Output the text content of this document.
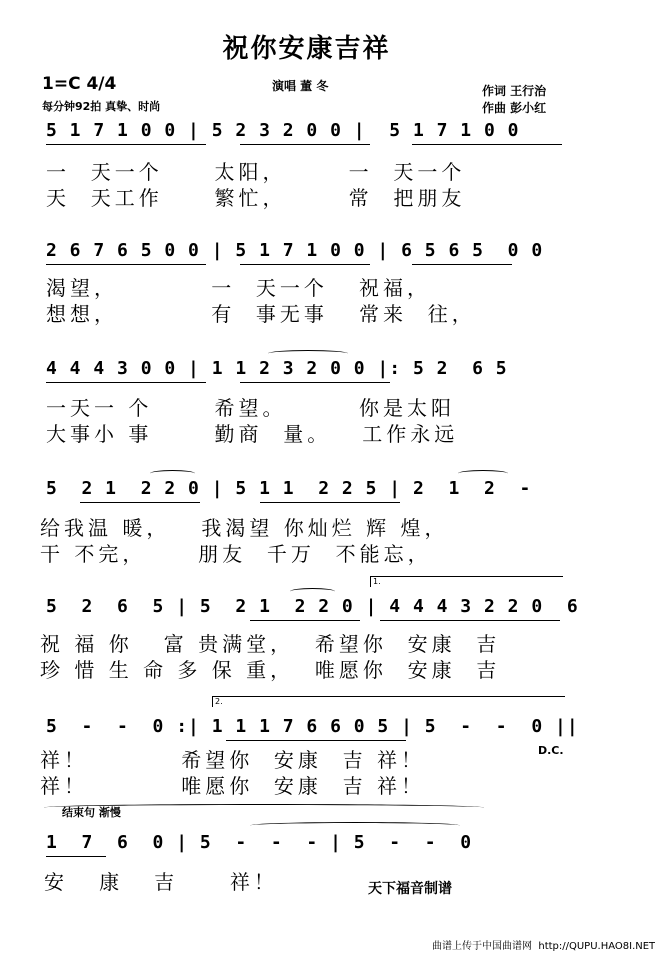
祝你安康吉祥
1=C 4/4	演唱 董 冬
每分钟92拍 真挚、时尚
作词 王行治
作曲 彭小红
5 1 7 1 0 0 | 5 2 3 2 0 0 |  5 1 7 1 0 0
一  天一个     太阳，      一  天一个
天  天工作     繁忙，      常  把朋友
2 6 7 6 5 0 0 | 5 1 7 1 0 0 | 6 5 6 5  0 0
渴望，         一  天一个   祝福，
想想，         有  事无事   常来  往，
4 4 4 3 0 0 | 1 1 2 3 2 0 0 |: 5 2  6 5
一天一 个      希望。       你是太阳
大事小 事      勤商  量。   工作永远
5  2 1  2 2 0 | 5 1 1  2 2 5 | 2  1  2  -
给我温 暖，   我渴望 你灿烂 辉 煌，
干 不完，     朋友  千万  不能忘，
1.
5  2  6  5 | 5  2 1  2 2 0 | 4 4 4 3 2 2 0  6
祝 福 你   富 贵满堂，  希望你  安康  吉
珍 惜 生 命 多 保 重，  唯愿你  安康  吉
2.
5  -  -  0 :| 1 1 1 7 6 6 0 5 | 5  -  -  0 ||
祥！         希望你  安康  吉 祥！
祥！         唯愿你  安康  吉 祥！
D.C.
结束句 渐慢
1  7  6  0 | 5  -  -  - | 5  -  -  0
安   康   吉     祥！	天下福音制谱
曲谱上传于中国曲谱网  http://QUPU.HAO8I.NET
